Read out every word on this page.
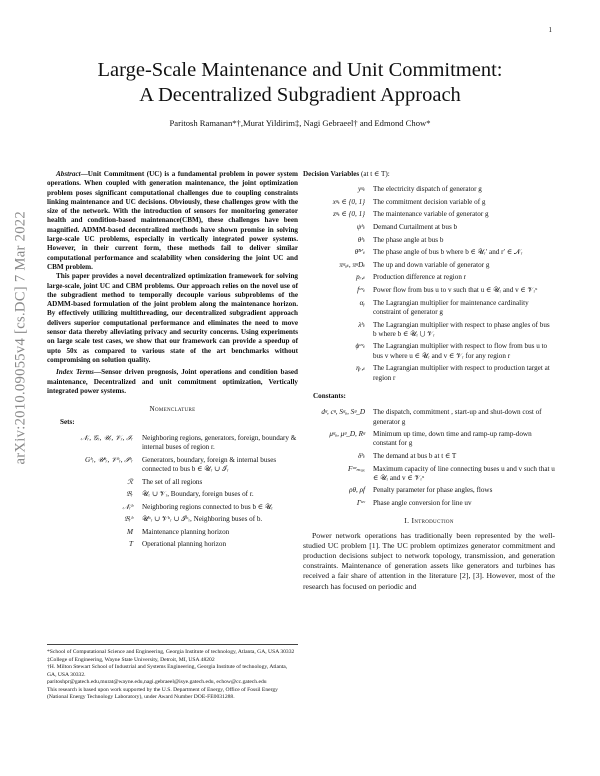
1
Large-Scale Maintenance and Unit Commitment:
A Decentralized Subgradient Approach
Paritosh Ramanan*†,Murat Yildirim‡, Nagi Gebraeel† and Edmond Chow*
arXiv:2010.09055v4 [cs.DC] 7 Mar 2022

Abstract—Unit Commitment (UC) is a fundamental problem in power system operations. When coupled with generation maintenance, the joint optimization problem poses significant computational challenges due to coupling constraints linking maintenance and UC decisions. Obviously, these challenges grow with the size of the network. With the introduction of sensors for monitoring generator health and condition-based maintenance(CBM), these challenges have been magnified. ADMM-based decentralized methods have shown promise in solving large-scale UC problems, especially in vertically integrated power systems. However, in their current form, these methods fail to deliver similar computational performance and scalability when considering the joint UC and CBM problem.

This paper provides a novel decentralized optimization framework for solving large-scale, joint UC and CBM problems. Our approach relies on the novel use of the subgradient method to temporally decouple various subproblems of the ADMM-based formulation of the joint problem along the maintenance horizon. By effectively utilizing multithreading, our decentralized subgradient approach delivers superior computational performance and eliminates the need to move sensor data thereby alleviating privacy and security concerns. Using experiments on large scale test cases, we show that our framework can provide a speedup of upto 50x as compared to various state of the art benchmarks without compromising on solution quality.

Index Terms—Sensor driven prognosis, Joint operations and condition based maintenance, Decentralized and unit commitment optimization, Vertically integrated power systems.

Nomenclature
Sets:
𝒩ᵣ, 𝒢ᵣ, 𝒰ᵣ, 𝒱ᵣ, ℐᵣ	Neighboring regions, generators, foreign, boundary & internal buses of region r.
Gᵇᵣ, 𝒰ᵇᵣ, 𝒱ᵇᵣ, ℐᵇᵣ	Generators, boundary, foreign & internal buses connected to bus b ∈ 𝒰ᵣ ∪ ℐᵣ
ℛ	The set of all regions
𝔅ᵣ	𝒰ᵣ ∪ 𝒱ᵣ, Boundary, foreign buses of r.
𝒩ᵣᵇ	Neighboring regions connected to bus b ∈ 𝒰ᵣ
𝔅ᵣᵇ	𝒰ᵇᵣ ∪ 𝒱ᵇᵣ ∪ ℐᵇᵣ, Neighboring buses of b.
M	Maintenance planning horizon
T	Operational planning horizon
*School of Computational Science and Engineering, Georgia Institute of technology, Atlanta, GA, USA 30332
‡College of Engineering, Wayne State University, Detroit, MI, USA 48202
†H. Milton Stewart School of Industrial and Systems Engineering, Georgia Institute of technology, Atlanta, GA, USA 30332.
paritoshpr@gatech.edu,murat@wayne.edu,nagi.gebraeel@isye.gatech.edu, echow@cc.gatech.edu
This research is based upon work supported by the U.S. Department of Energy, Office of Fossil Energy (National Energy Technology Laboratory), under Award Number DOE-FE0031288.
Decision Variables (at t ∈ T):
yᵍₜ	The electricity dispatch of generator g
xᵍₜ ∈ {0, 1}	The commitment decision variable of g
zᵍₜ ∈ {0, 1}	The maintenance variable of generator g
ψᵇₜ	Demand Curtailment at bus b
θᵇₜ	The phase angle at bus b
θ̃ᵇʳ′ₜ	The phase angle of bus b where b ∈ 𝒰ᵣ′ and r′ ∈ 𝒩ᵣ
πᵍᵤₜ, πᵍDₜ	The up and down variable of generator g
pᵣ,ₜ	Production difference at region r
fᵘᵛₜ	Power flow from bus u to v such that u ∈ 𝒰ᵣ and v ∈ 𝒱ᵣᵘ
αᵧ	The Lagrangian multiplier for maintenance cardinality constraint of generator g
λᵇₜ	The Lagrangian multiplier with respect to phase angles of bus b where b ∈ 𝒰ᵣ ⋃ 𝒱ᵣ
ϕᵘᵛₜ	The Lagrangian multiplier with respect to flow from bus u to bus v where u ∈ 𝒰ᵣ and v ∈ 𝒱ᵣ for any region r
ηᵣ,ₜ	The Lagrangian multiplier with respect to production target at region r
Constants:
dᵍ, cᵍ, Sᵍᵤ, Sᵍ_D	The dispatch, commitment , start-up and shut-down cost of generator g
μᵍᵤ, μᵍ_D, Rᵍ	Minimum up time, down time and ramp-up ramp-down constant for g
δᵇₜ	The demand at bus b at t ∈ T
Fᵘᵛₘₐₓ	Maximum capacity of line connecting buses u and v such that u ∈ 𝒰ᵣ and v ∈ 𝒱ᵣᵘ
ρθ, ρf	Penalty parameter for phase angles, flows
Γᵘᵛ	Phase angle conversion for line uv
I. Introduction

Power network operations has traditionally been represented by the well-studied UC problem [1]. The UC problem optimizes generator commitment and production decisions subject to network topology, transmission, and generation constraints. Maintenance of generation assets like generators and turbines has received a fair share of attention in the literature [2], [3]. However, most of the research has focused on periodic and
